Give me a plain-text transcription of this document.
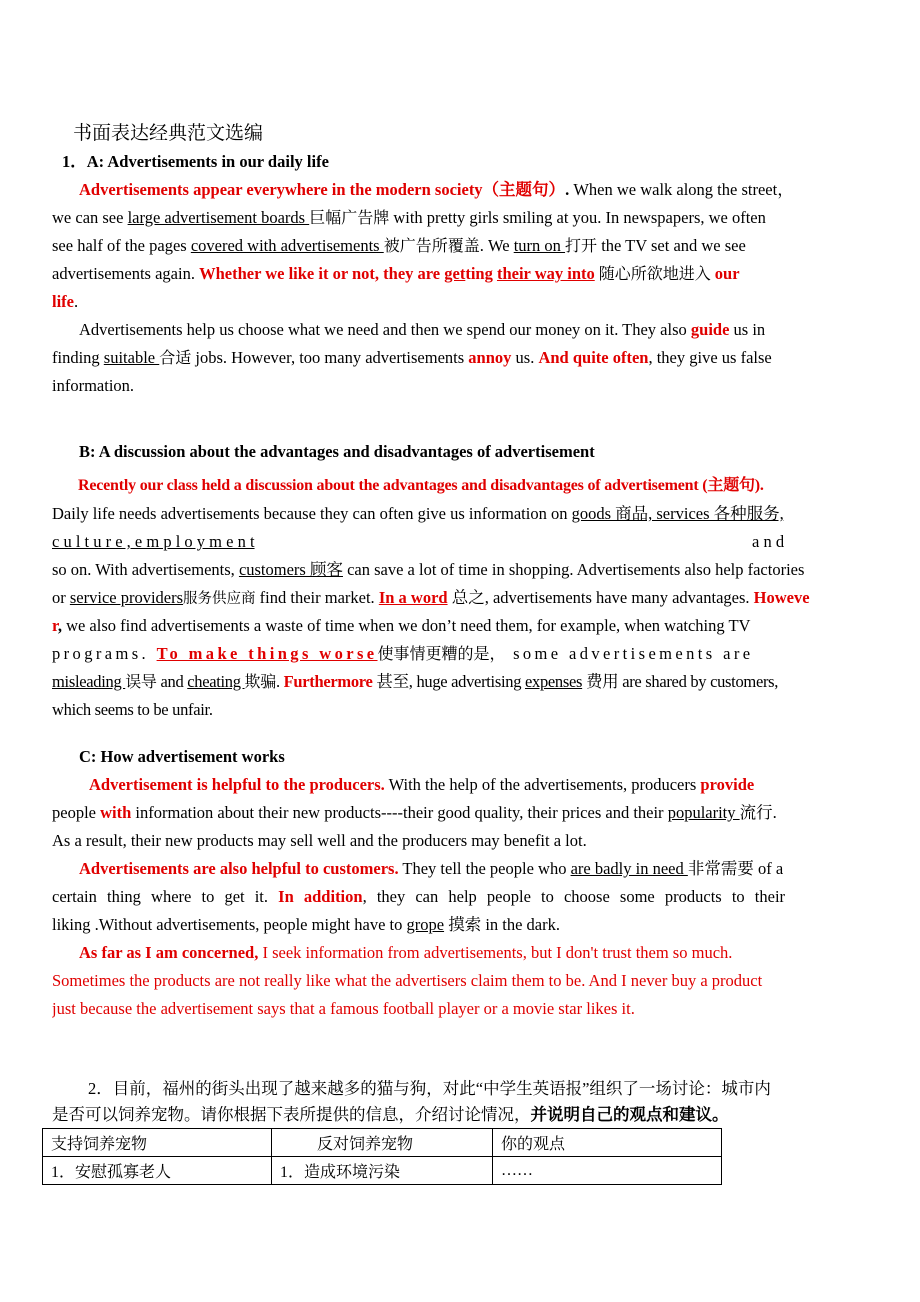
书面表达经典范文选编

1．A: Advertisements in our daily life

Advertisements appear everywhere in the modern society（主题句）. When we walk along the street，

we can see large advertisement boards 巨幅广告牌 with pretty girls smiling at you. In newspapers, we often

see half of the pages covered with advertisements 被广告所覆盖. We turn on 打开 the TV set and we see

advertisements again. Whether we like it or not, they are getting their way into 随心所欲地进入 our

life.

Advertisements help us choose what we need and then we spend our money on it. They also guide us in

finding suitable 合适 jobs. However, too many advertisements annoy us. And quite often, they give us false

information.

B: A discussion about the advantages and disadvantages of advertisement

Recently our class held a discussion about the advantages and disadvantages of advertisement (主题句).

Daily life needs advertisements because they can often give us information on goods 商品, services 各种服务,

c u l t u r e , e m p l o y m e n t	a n d

so on. With advertisements, customers 顾客 can save a lot of time in shopping. Advertisements also help factories

or service providers服务供应商 find their market. In a word 总之, advertisements have many advantages. Howeve

r, we also find advertisements a waste of time when we don’t need them, for example, when watching TV

programs. To make things worse使事情更糟的是， some advertisements are

misleading 误导 and cheating 欺骗. Furthermore 甚至, huge advertising expenses 费用 are shared by customers,

which seems to be unfair.

C: How advertisement works

Advertisement is helpful to the producers. With the help of the advertisements, producers provide

people with information about their new products----their good quality, their prices and their popularity 流行.

As a result, their new products may sell well and the producers may benefit a lot.

Advertisements are also helpful to customers. They tell the people who are badly in need 非常需要 of a

certain thing where to get it. In addition, they can help people to choose some products to their

liking .Without advertisements, people might have to grope 摸索 in the dark.

As far as I am concerned, I seek information from advertisements, but I don't trust them so much.

Sometimes the products are not really like what the advertisers claim them to be. And I never buy a product

just because the advertisement says that a famous football player or a movie star likes it.

2．目前，福州的街头出现了越来越多的猫与狗，对此“中学生英语报”组织了一场讨论：城市内

是否可以饲养宠物。请你根据下表所提供的信息，介绍讨论情况，并说明自己的观点和建议。

支持饲养宠物	反对饲养宠物	你的观点
1．安慰孤寡老人	1．造成环境污染	……
